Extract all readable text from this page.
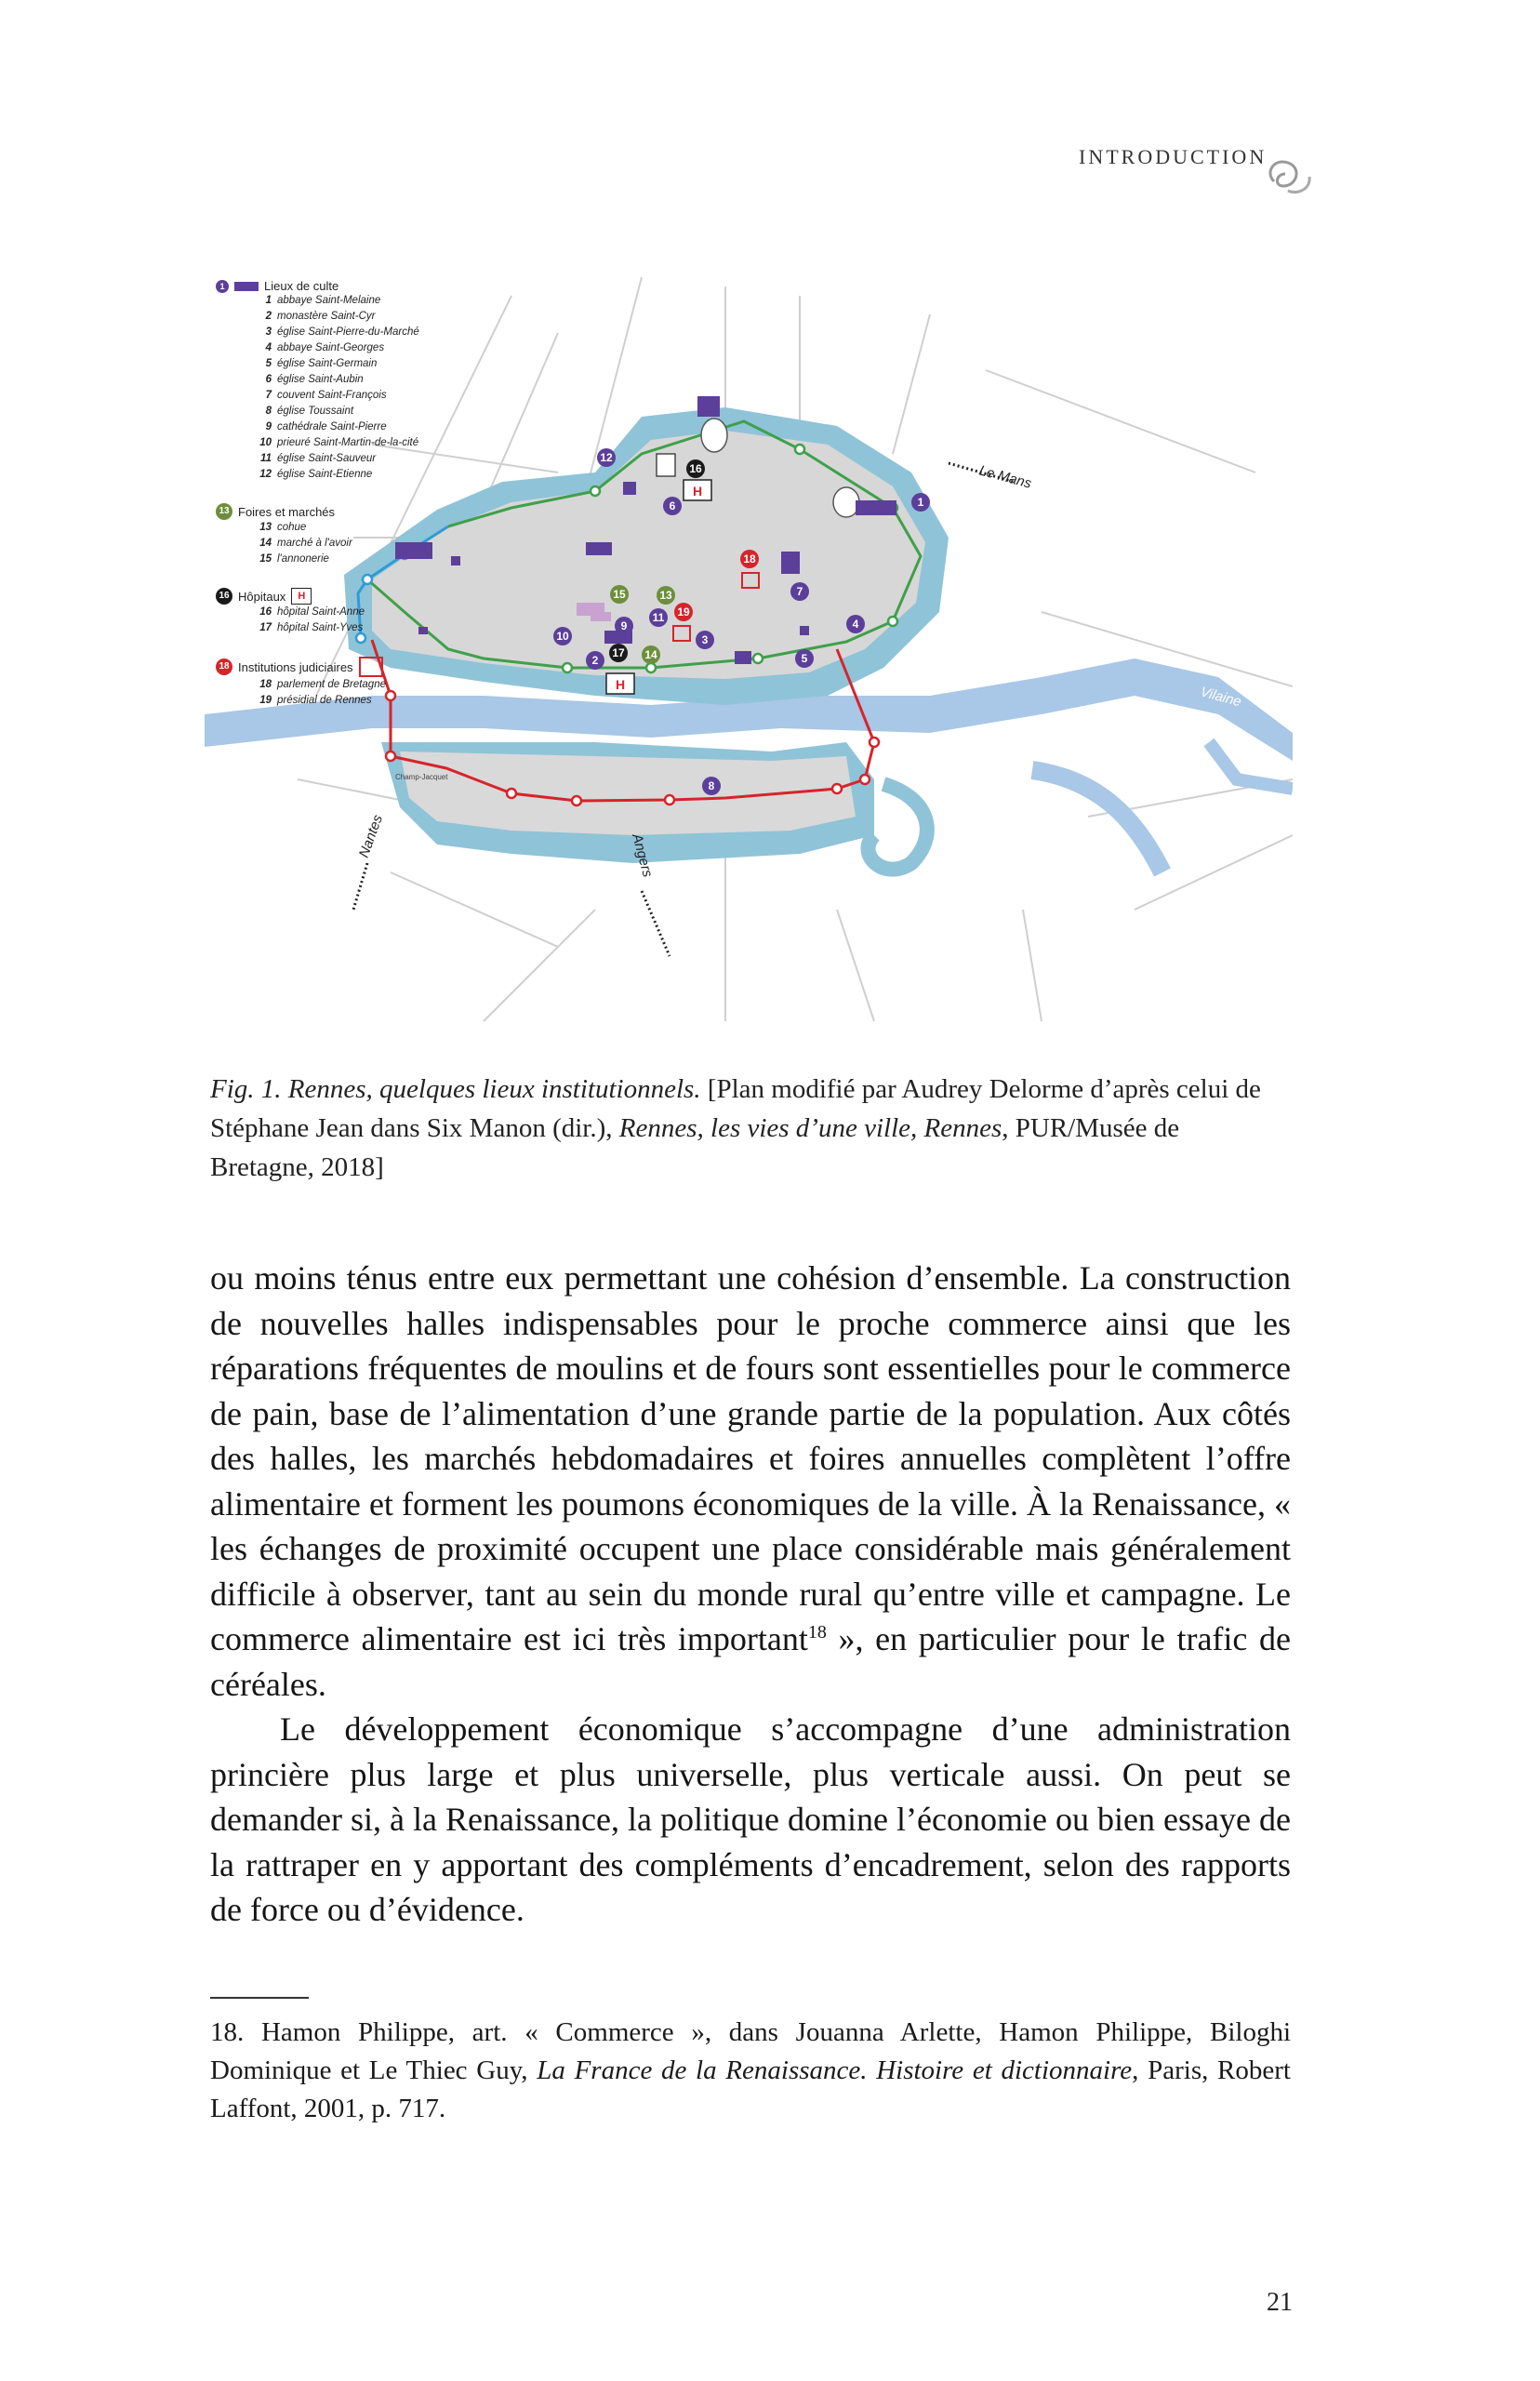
INTRODUCTION
Le Mans
Vilaine
Nantes	Angers
Champ-Jacquet
1
2
3
4
5
6
7
8
9
10
11
12
13
14
15
16
17
18
19
H
H
1	Lieux de culte
1 abbaye Saint-Melaine
2 monastère Saint-Cyr
3 église Saint-Pierre-du-Marché
4 abbaye Saint-Georges
5 église Saint-Germain
6 église Saint-Aubin
7 couvent Saint-François
8 église Toussaint
9 cathédrale Saint-Pierre
10 prieuré Saint-Martin-de-la-cité
11 église Saint-Sauveur
12 église Saint-Etienne
13 Foires et marchés
13 cohue
14 marché à l'avoir
15 l'annonerie
16 Hôpitaux	H
16 hôpital Saint-Anne
17 hôpital Saint-Yves
18 Institutions judiciaires
18 parlement de Bretagne
19 présidial de Rennes
Fig. 1. Rennes, quelques lieux institutionnels. [Plan modifié par Audrey Delorme d’après celui de Stéphane Jean dans Six Manon (dir.), Rennes, les vies d’une ville, Rennes, PUR/Musée de Bretagne, 2018]

ou moins ténus entre eux permettant une cohésion d’ensemble. La construction de nouvelles halles indispensables pour le proche commerce ainsi que les réparations fréquentes de moulins et de fours sont essentielles pour le commerce de pain, base de l’alimentation d’une grande partie de la population. Aux côtés des halles, les marchés hebdomadaires et foires annuelles complètent l’offre alimentaire et forment les poumons économiques de la ville. À la Renaissance, « les échanges de proximité occupent une place considérable mais généralement difficile à observer, tant au sein du monde rural qu’entre ville et campagne. Le commerce alimentaire est ici très important$^{18}$ », en particulier pour le trafic de céréales.

Le développement économique s’accompagne d’une administration princière plus large et plus universelle, plus verticale aussi. On peut se demander si, à la Renaissance, la politique domine l’économie ou bien essaye de la rattraper en y apportant des compléments d’encadrement, selon des rapports de force ou d’évidence.

18. Hamon Philippe, art. « Commerce », dans Jouanna Arlette, Hamon Philippe, Biloghi Dominique et Le Thiec Guy, La France de la Renaissance. Histoire et dictionnaire, Paris, Robert Laffont, 2001, p. 717.
21
